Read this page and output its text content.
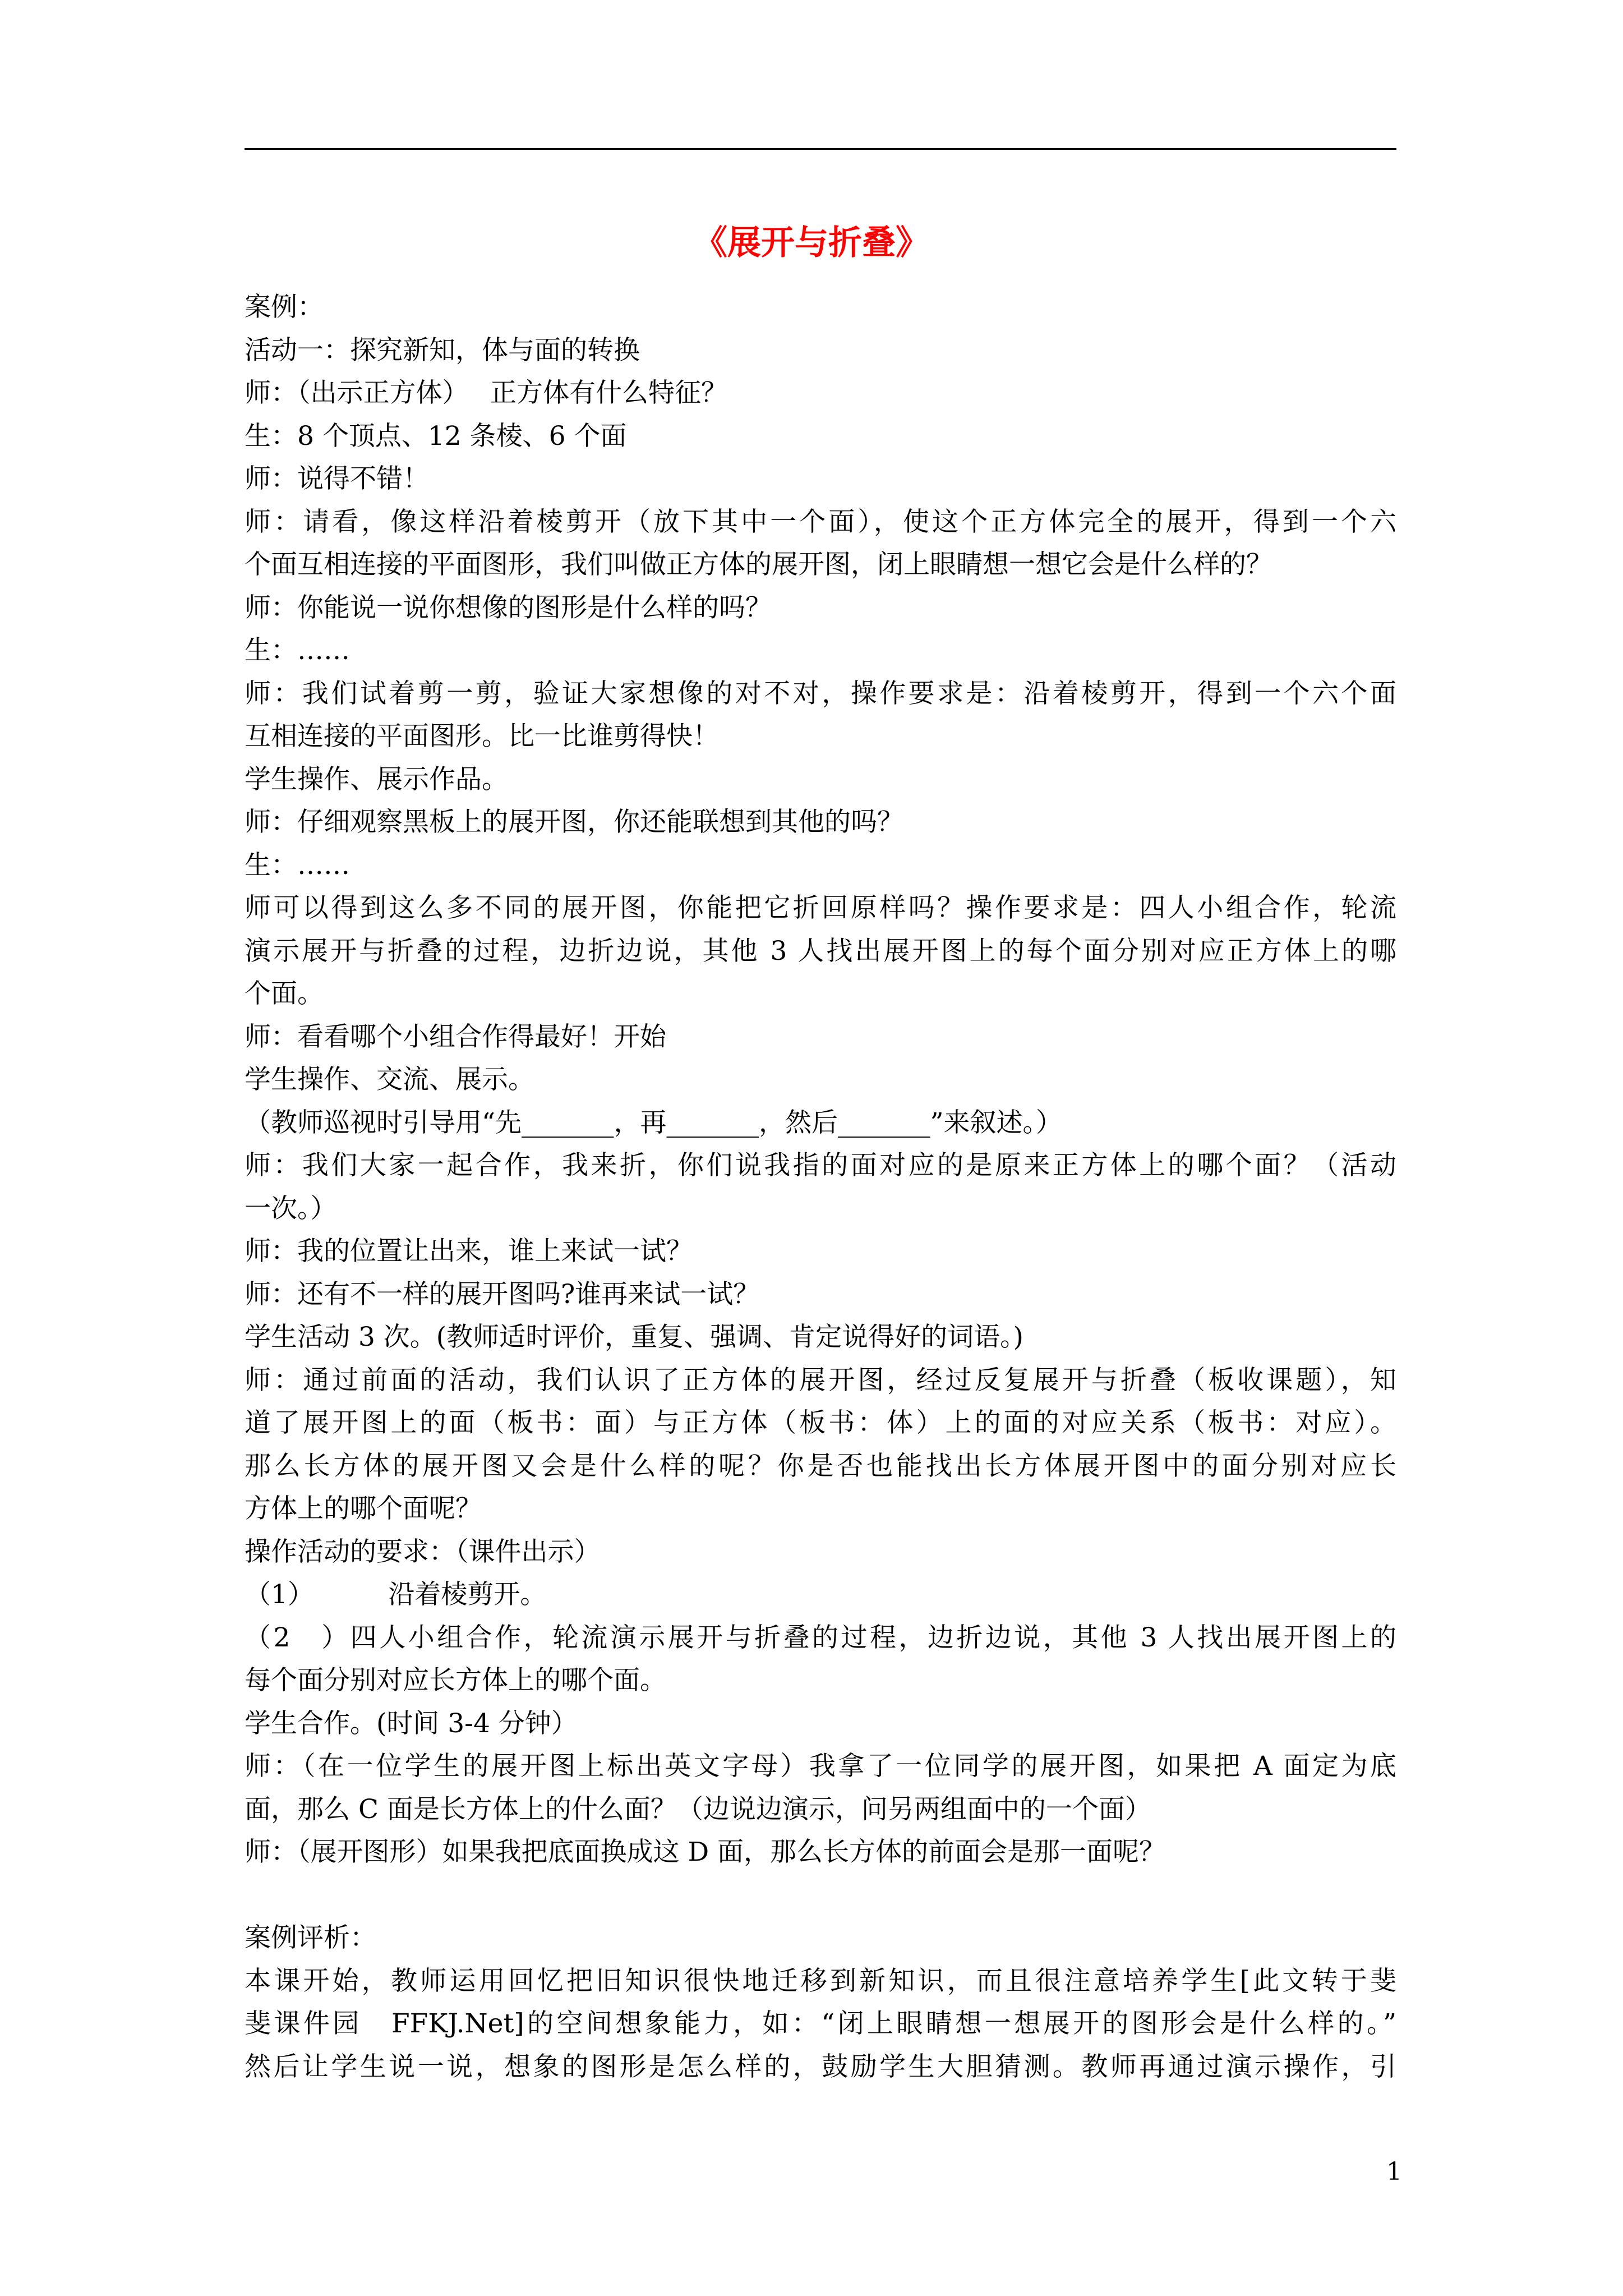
《展开与折叠》
案例：
活动一：探究新知，体与面的转换
师：（出示正方体）　 正方体有什么特征？
生：8 个顶点、12 条棱、6 个面
师：说得不错！
师：请看，像这样沿着棱剪开（放下其中一个面），使这个正方体完全的展开，得到一个六
个面互相连接的平面图形，我们叫做正方体的展开图，闭上眼睛想一想它会是什么样的？
师：你能说一说你想像的图形是什么样的吗？
生：……
师：我们试着剪一剪，验证大家想像的对不对，操作要求是：沿着棱剪开，得到一个六个面
互相连接的平面图形。比一比谁剪得快！
学生操作、展示作品。
师：仔细观察黑板上的展开图，你还能联想到其他的吗？
生：……
师可以得到这么多不同的展开图，你能把它折回原样吗？操作要求是：四人小组合作，轮流
演示展开与折叠的过程，边折边说，其他 3 人找出展开图上的每个面分别对应正方体上的哪
个面。
师：看看哪个小组合作得最好！开始
学生操作、交流、展示。
（教师巡视时引导用“先_______，再_______，然后_______”来叙述。）
师：我们大家一起合作，我来折，你们说我指的面对应的是原来正方体上的哪个面？（活动
一次。）
师：我的位置让出来，谁上来试一试？
师：还有不一样的展开图吗?谁再来试一试？
学生活动 3 次。(教师适时评价，重复、强调、肯定说得好的词语。)
师：通过前面的活动，我们认识了正方体的展开图，经过反复展开与折叠（板收课题），知
道了展开图上的面（板书：面）与正方体（板书：体）上的面的对应关系（板书：对应）。
那么长方体的展开图又会是什么样的呢？你是否也能找出长方体展开图中的面分别对应长
方体上的哪个面呢？
操作活动的要求：（课件出示）
（1）　　　 沿着棱剪开。
（2　）四人小组合作，轮流演示展开与折叠的过程，边折边说，其他 3 人找出展开图上的
每个面分别对应长方体上的哪个面。
学生合作。(时间 3-4 分钟）
师：（在一位学生的展开图上标出英文字母）我拿了一位同学的展开图，如果把 A 面定为底
面，那么 C 面是长方体上的什么面？（边说边演示，问另两组面中的一个面）
师：（展开图形）如果我把底面换成这 D 面，那么长方体的前面会是那一面呢？
案例评析：
本课开始，教师运用回忆把旧知识很快地迁移到新知识，而且很注意培养学生[此文转于斐
斐课件园　FFKJ.Net]的空间想象能力，如：“闭上眼睛想一想展开的图形会是什么样的。”
然后让学生说一说，想象的图形是怎么样的，鼓励学生大胆猜测。教师再通过演示操作，引
1
